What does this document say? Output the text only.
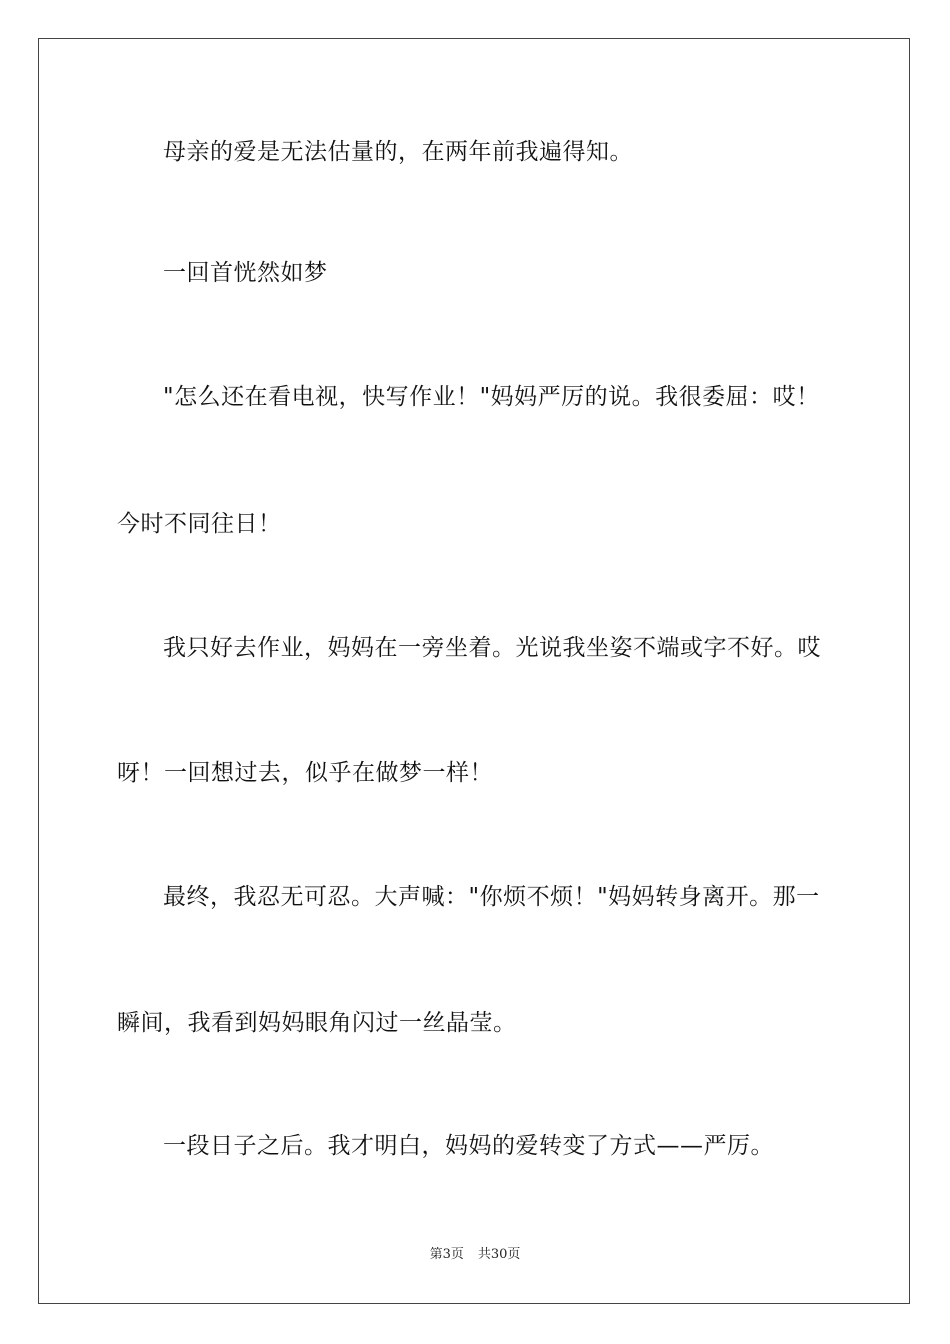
母亲的爱是无法估量的，在两年前我遍得知。
一回首恍然如梦
"怎么还在看电视，快写作业！"妈妈严厉的说。我很委屈：哎！
今时不同往日！
我只好去作业，妈妈在一旁坐着。光说我坐姿不端或字不好。哎
呀！一回想过去，似乎在做梦一样！
最终，我忍无可忍。大声喊："你烦不烦！"妈妈转身离开。那一
瞬间，我看到妈妈眼角闪过一丝晶莹。
一段日子之后。我才明白，妈妈的爱转变了方式——严厉。
第3页 共30页
